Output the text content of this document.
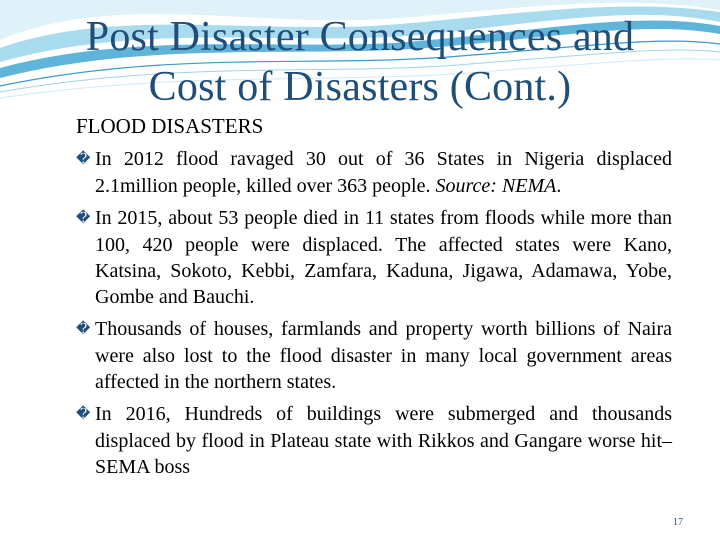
Post Disaster Consequences and
Cost of Disasters (Cont.)
FLOOD DISASTERS
� In 2012 flood ravaged 30 out of 36 States in Nigeria displaced 2.1million people, killed over 363 people. Source: NEMA.
� In 2015, about 53 people died in 11 states from floods while more than 100, 420 people were displaced. The affected states were Kano, Katsina, Sokoto, Kebbi, Zamfara, Kaduna, Jigawa, Adamawa, Yobe, Gombe and Bauchi.
� Thousands of houses, farmlands and property worth billions of Naira were also lost to the flood disaster in many local government areas affected in the northern states.
� In 2016, Hundreds of buildings were submerged and thousands displaced by flood in Plateau state with Rikkos and Gangare worse hit– SEMA boss
17
